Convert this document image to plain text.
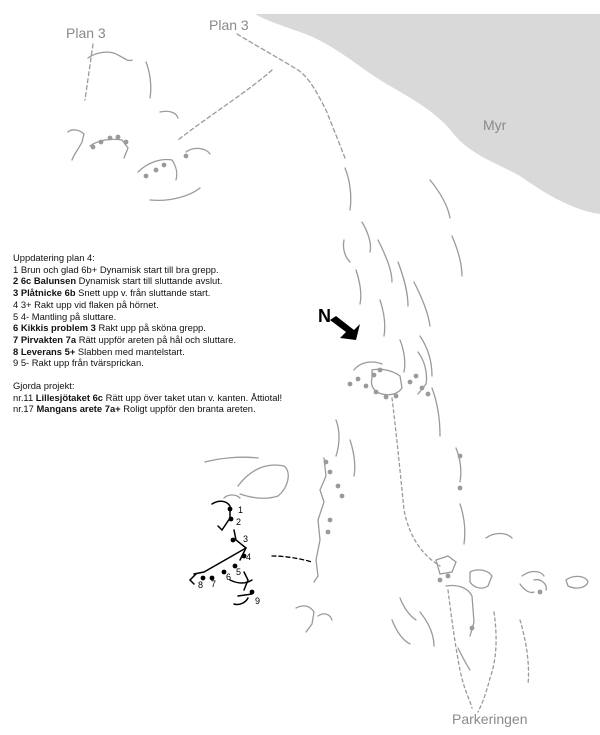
Plan 3	Plan 3
Myr
Parkeringen
N
1
2
3
4
5
6
7
8
9
Uppdatering plan 4:
1 Brun och glad 6b+ Dynamisk start till bra grepp.
2 6c Balunsen Dynamisk start till sluttande avslut.
3 Plåtnicke 6b Snett upp v. från sluttande start.
4 3+ Rakt upp vid flaken på hörnet.
5 4- Mantling på sluttare.
6 Kikkis problem 3 Rakt upp på sköna grepp.
7 Pirvakten 7a Rätt uppför areten på hål och sluttare.
8 Leverans 5+ Slabben med mantelstart.
9 5- Rakt upp från tvärsprickan.
Gjorda projekt:
nr.11 Lillesjötaket 6c Rätt upp över taket utan v. kanten. Åttiotal!
nr.17 Mangans arete 7a+ Roligt uppför den branta areten.
